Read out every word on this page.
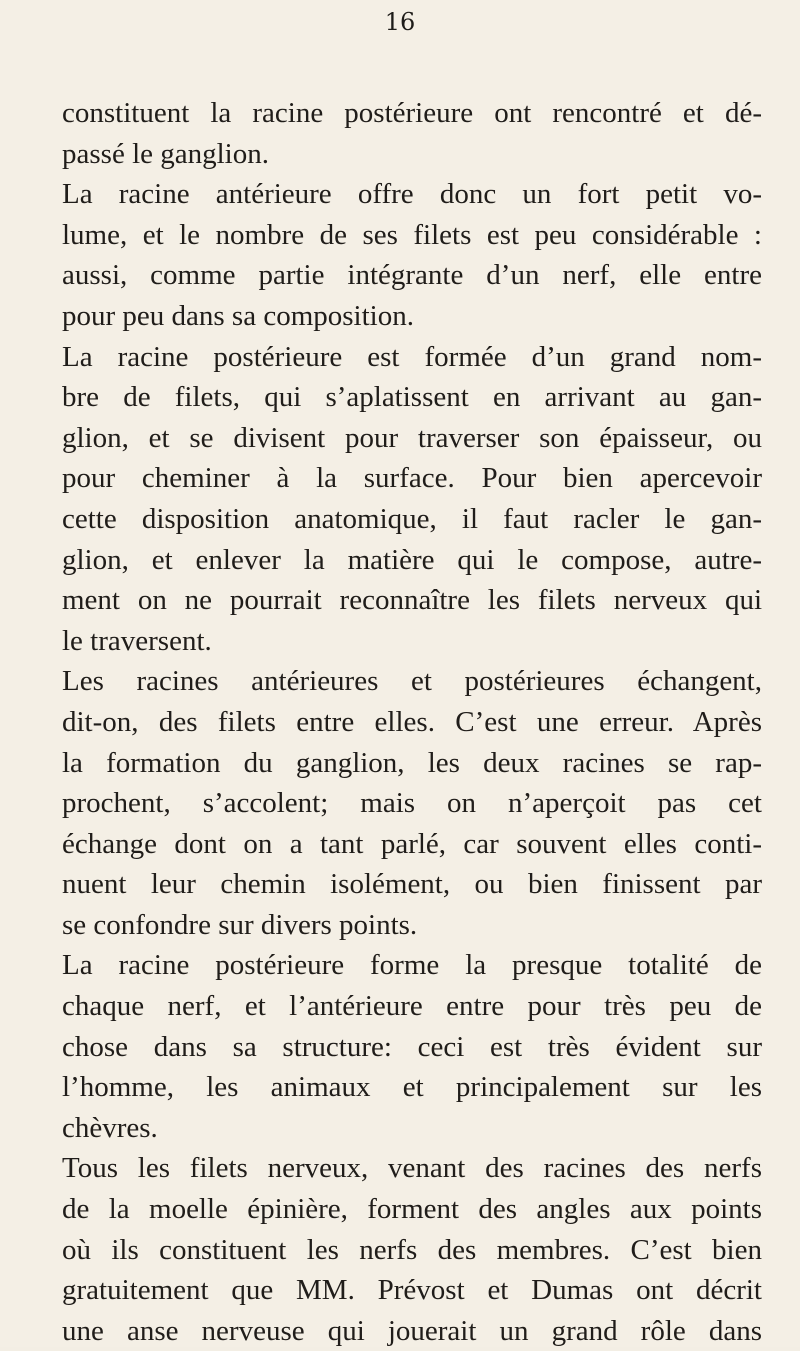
16
constituent la racine postérieure ont rencontré et dé-
passé le ganglion.
La racine antérieure offre donc un fort petit vo-
lume, et le nombre de ses filets est peu considérable :
aussi, comme partie intégrante d’un nerf, elle entre
pour peu dans sa composition.
La racine postérieure est formée d’un grand nom-
bre de filets, qui s’aplatissent en arrivant au gan-
glion, et se divisent pour traverser son épaisseur, ou
pour cheminer à la surface. Pour bien apercevoir
cette disposition anatomique, il faut racler le gan-
glion, et enlever la matière qui le compose, autre-
ment on ne pourrait reconnaître les filets nerveux qui
le traversent.
Les racines antérieures et postérieures échangent,
dit-on, des filets entre elles. C’est une erreur. Après
la formation du ganglion, les deux racines se rap-
prochent, s’accolent; mais on n’aperçoit pas cet
échange dont on a tant parlé, car souvent elles conti-
nuent leur chemin isolément, ou bien finissent par
se confondre sur divers points.
La racine postérieure forme la presque totalité de
chaque nerf, et l’antérieure entre pour très peu de
chose dans sa structure: ceci est très évident sur
l’homme, les animaux et principalement sur les
chèvres.
Tous les filets nerveux, venant des racines des nerfs
de la moelle épinière, forment des angles aux points
où ils constituent les nerfs des membres. C’est bien
gratuitement que MM. Prévost et Dumas ont décrit
une anse nerveuse qui jouerait un grand rôle dans
